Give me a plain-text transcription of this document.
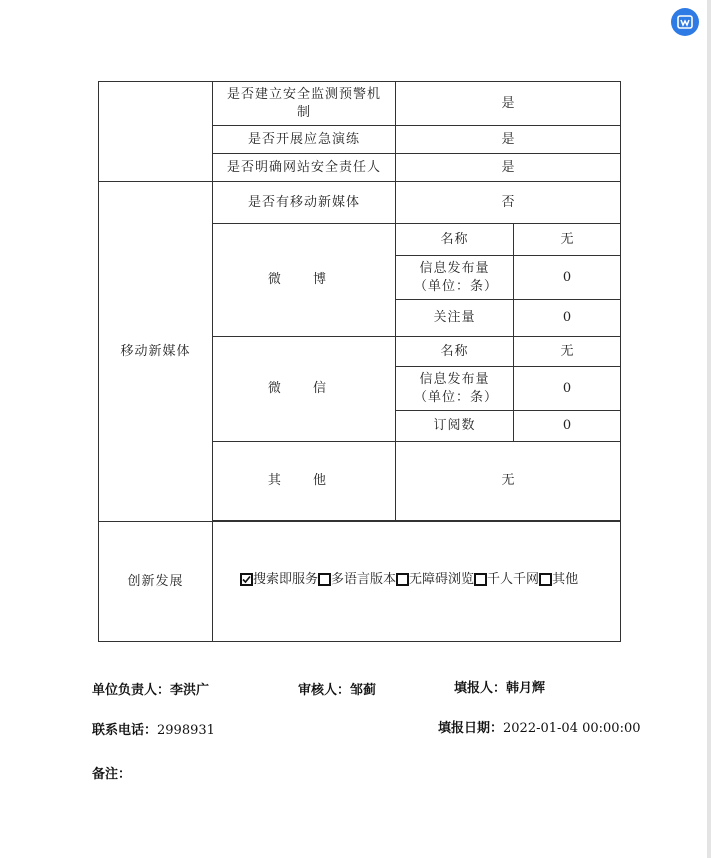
	是否建立安全监测预警机制	是	
	是否开展应急演练	是	
	是否明确网站安全责任人	是	
移动新媒体	是否有移动新媒体	否	
	微 博	名称	无
		信息发布量（单位：条）	0
		关注量	0
	微 信	名称	无
		信息发布量（单位：条）	0
		订阅数	0
	其 他	无	

创新发展	搜索即服务 多语言版本 无障碍浏览 千人千网 其他		
单位负责人：李洪广	审核人：邹蓟	填报人：韩月辉
联系电话：2998931	填报日期：2022-01-04 00:00:00
备注：
